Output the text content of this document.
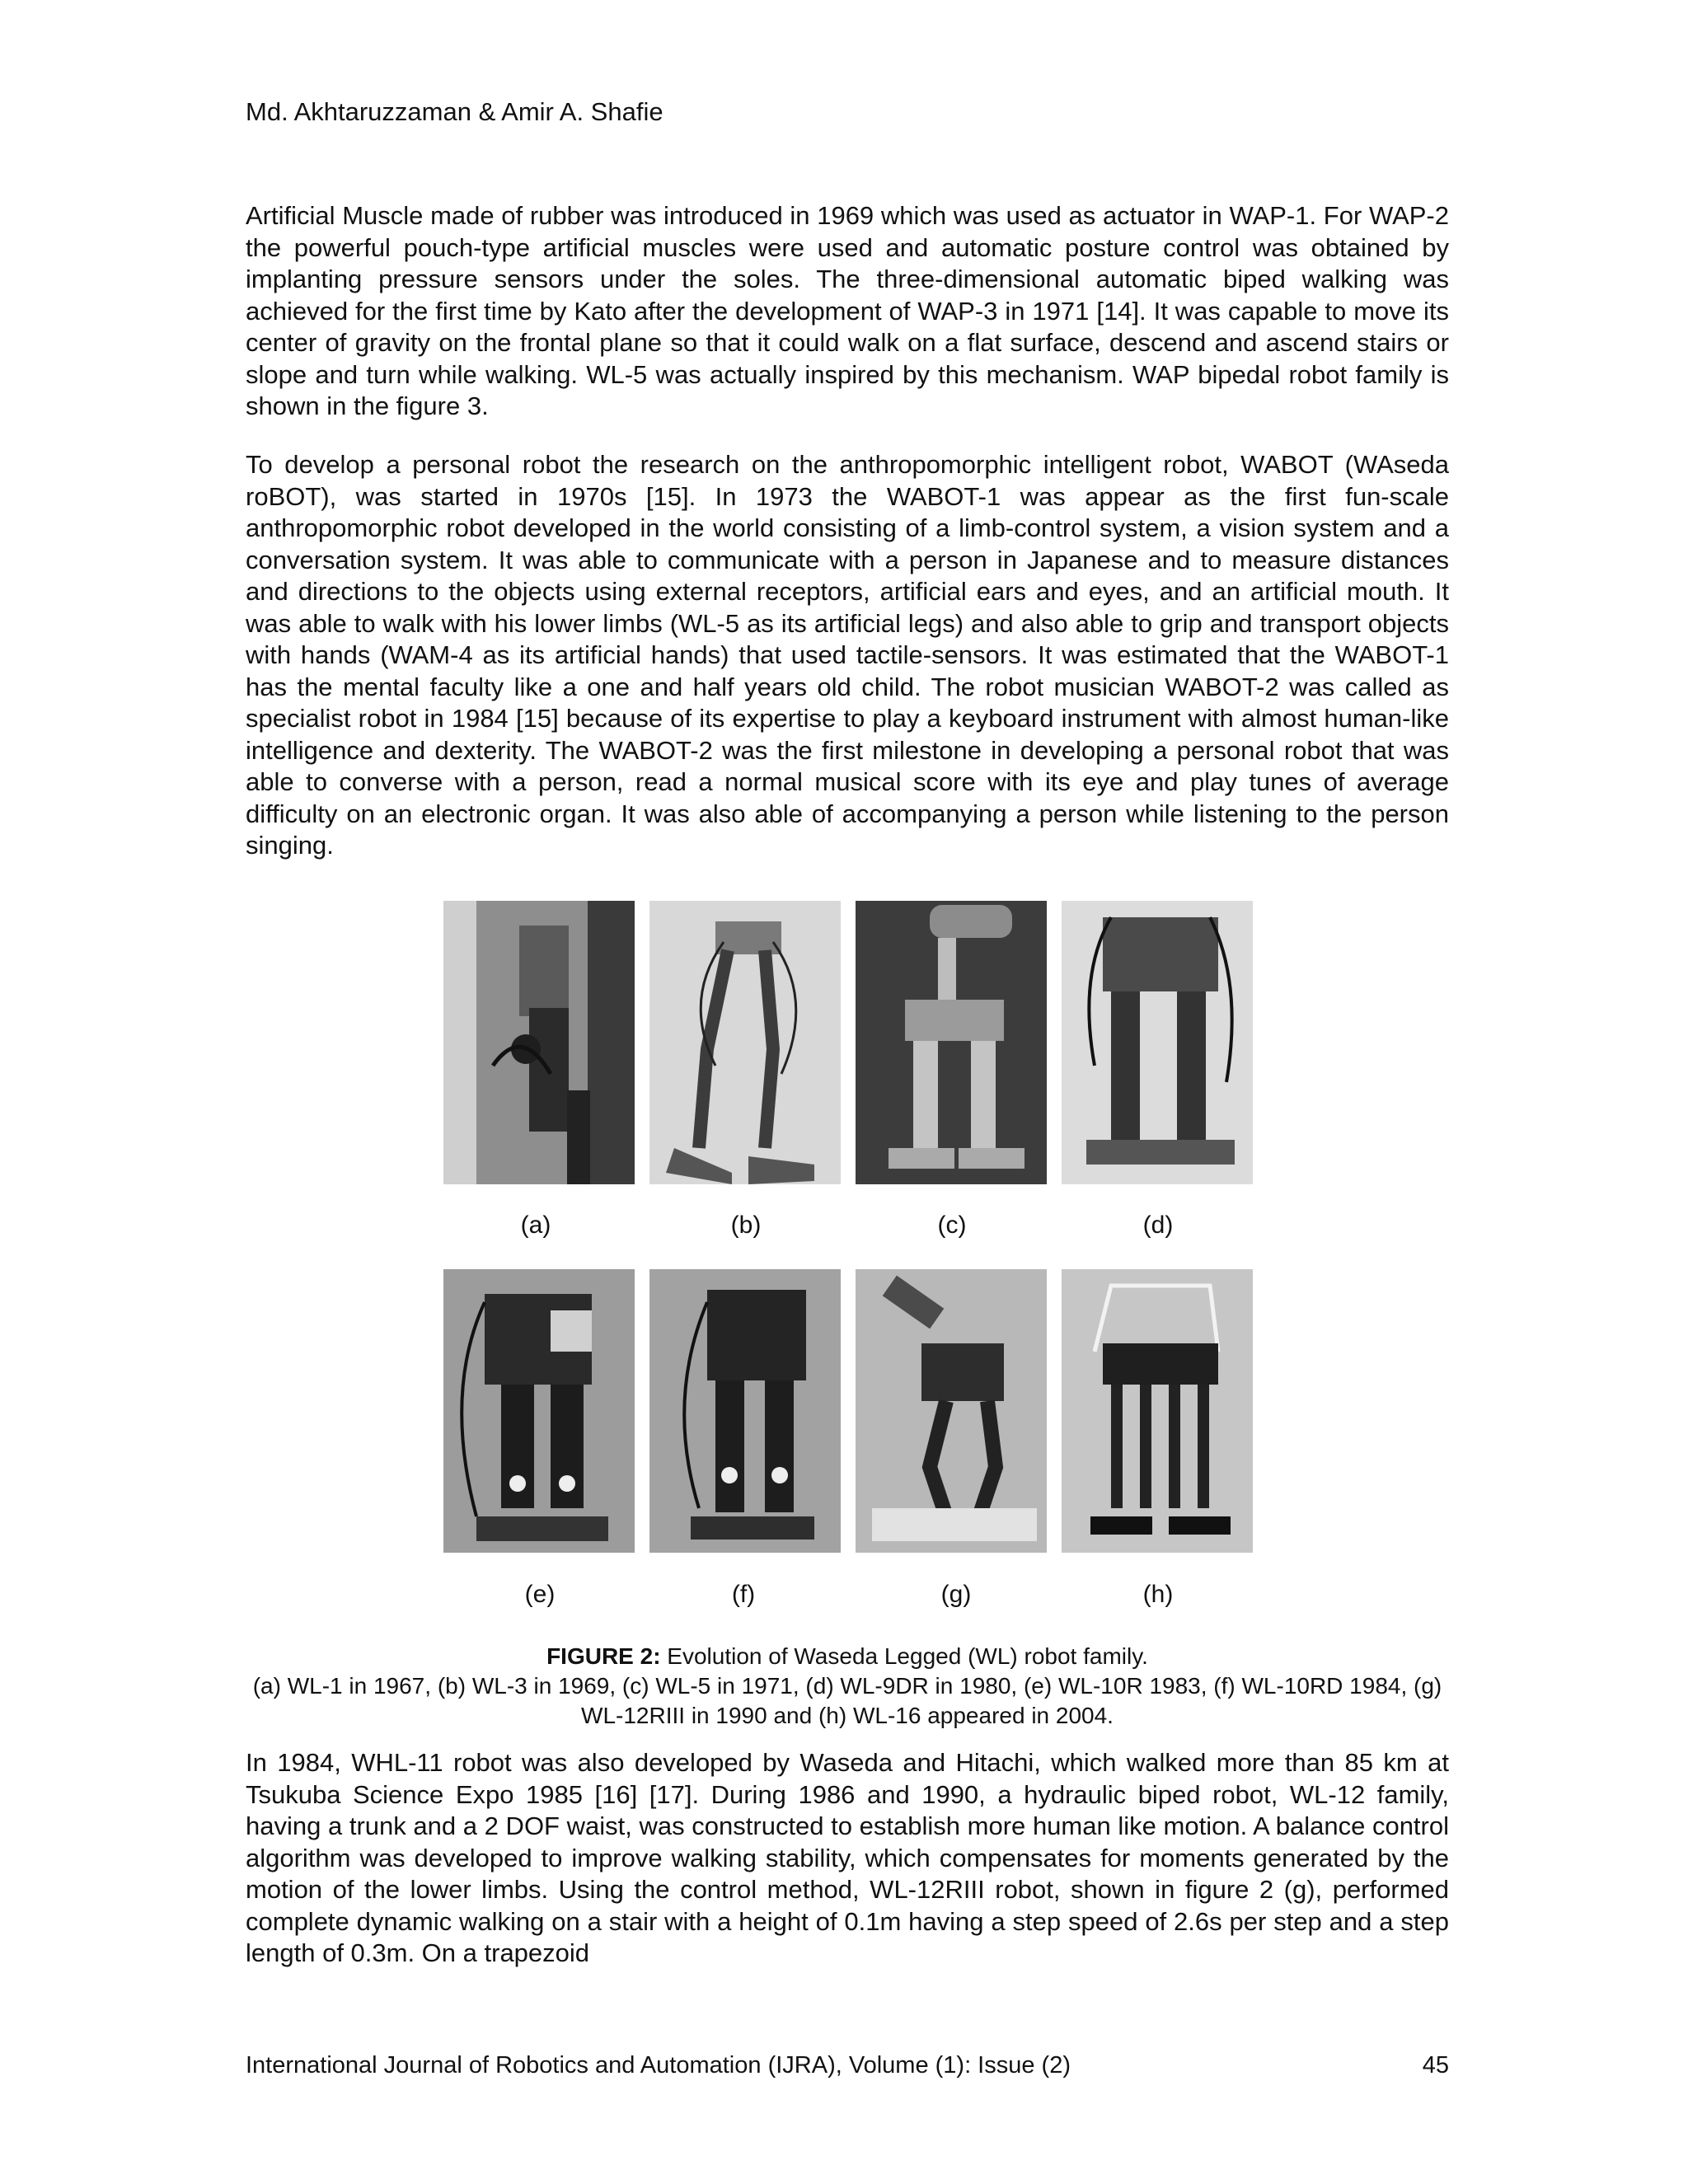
Md. Akhtaruzzaman & Amir A. Shafie

Artificial Muscle made of rubber was introduced in 1969 which was used as actuator in WAP-1. For WAP-2 the powerful pouch-type artificial muscles were used and automatic posture control was obtained by implanting pressure sensors under the soles. The three-dimensional automatic biped walking was achieved for the first time by Kato after the development of WAP-3 in 1971 [14]. It was capable to move its center of gravity on the frontal plane so that it could walk on a flat surface, descend and ascend stairs or slope and turn while walking. WL-5 was actually inspired by this mechanism. WAP bipedal robot family is shown in the figure 3.

To develop a personal robot the research on the anthropomorphic intelligent robot, WABOT (WAseda roBOT), was started in 1970s [15]. In 1973 the WABOT-1 was appear as the first fun-scale anthropomorphic robot developed in the world consisting of a limb-control system, a vision system and a conversation system. It was able to communicate with a person in Japanese and to measure distances and directions to the objects using external receptors, artificial ears and eyes, and an artificial mouth. It was able to walk with his lower limbs (WL-5 as its artificial legs) and also able to grip and transport objects with hands (WAM-4 as its artificial hands) that used tactile-sensors. It was estimated that the WABOT-1 has the mental faculty like a one and half years old child. The robot musician WABOT-2 was called as specialist robot in 1984 [15] because of its expertise to play a keyboard instrument with almost human-like intelligence and dexterity. The WABOT-2 was the first milestone in developing a personal robot that was able to converse with a person, read a normal musical score with its eye and play tunes of average difficulty on an electronic organ. It was also able of accompanying a person while listening to the person singing.

(a)	(b)	(c)	(d)
(e)	(f)	(g)	(h)
FIGURE 2: Evolution of Waseda Legged (WL) robot family.
(a) WL-1 in 1967, (b) WL-3 in 1969, (c) WL-5 in 1971, (d) WL-9DR in 1980, (e) WL-10R 1983, (f) WL-10RD 1984, (g) WL-12RIII in 1990 and (h) WL-16 appeared in 2004.

In 1984, WHL-11 robot was also developed by Waseda and Hitachi, which walked more than 85 km at Tsukuba Science Expo 1985 [16] [17]. During 1986 and 1990, a hydraulic biped robot, WL-12 family, having a trunk and a 2 DOF waist, was constructed to establish more human like motion. A balance control algorithm was developed to improve walking stability, which compensates for moments generated by the motion of the lower limbs. Using the control method, WL-12RIII robot, shown in figure 2 (g), performed complete dynamic walking on a stair with a height of 0.1m having a step speed of 2.6s per step and a step length of 0.3m. On a trapezoid

International Journal of Robotics and Automation (IJRA), Volume (1): Issue (2)	45
